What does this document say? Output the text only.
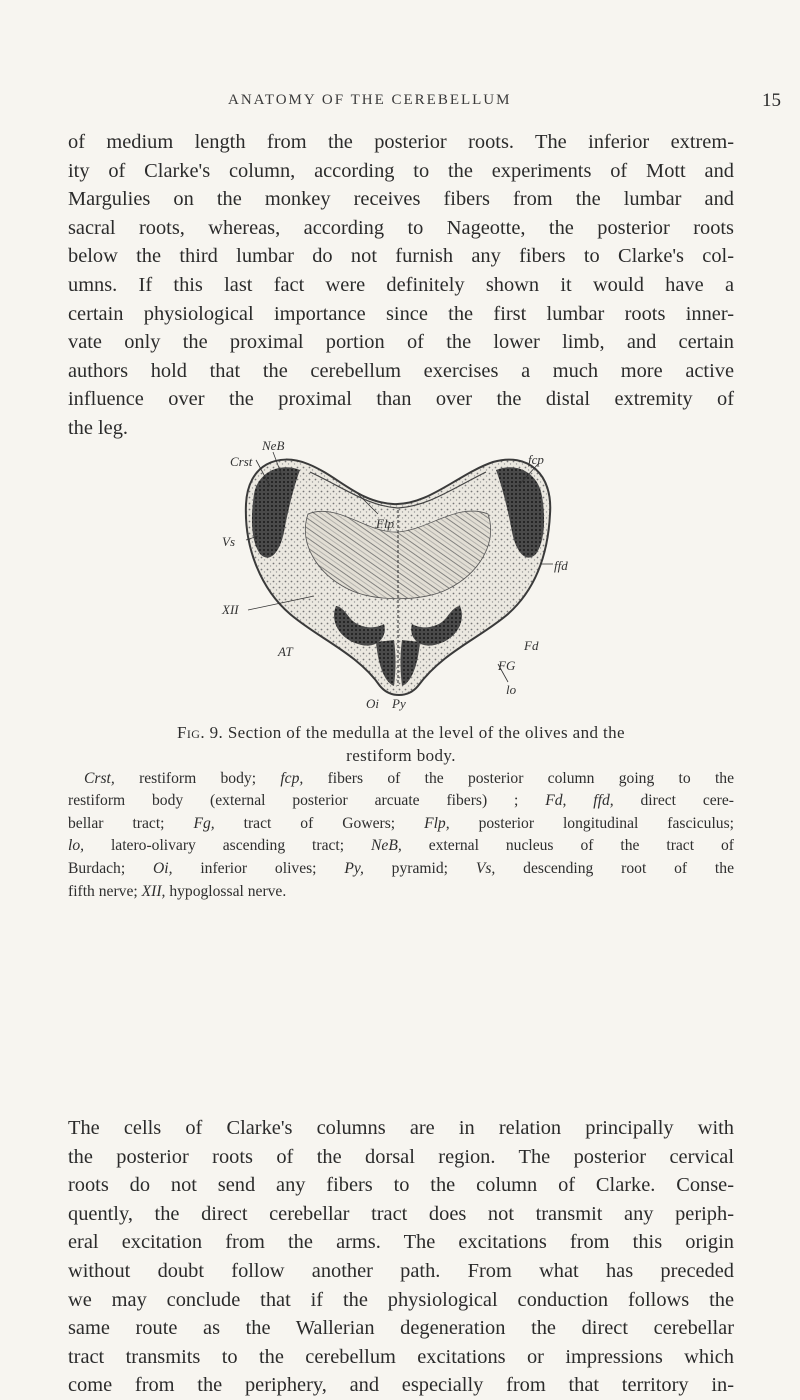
ANATOMY OF THE CEREBELLUM	15
of medium length from the posterior roots. The inferior extrem-
ity of Clarke's column, according to the experiments of Mott and
Margulies on the monkey receives fibers from the lumbar and
sacral roots, whereas, according to Nageotte, the posterior roots
below the third lumbar do not furnish any fibers to Clarke's col-
umns. If this last fact were definitely shown it would have a
certain physiological importance since the first lumbar roots inner-
vate only the proximal portion of the lower limb, and certain
authors hold that the cerebellum exercises a much more active
influence over the proximal than over the distal extremity of
the leg.
Crst
NeB
Flp
fcp
Vs
ffd
XII
Fd
FG
AT
lo
Oi Py
Fig. 9. Section of the medulla at the level of the olives and the
restiform body.
Crst, restiform body; fcp, fibers of the posterior column going to the
restiform body (external posterior arcuate fibers) ; Fd, ffd, direct cere-
bellar tract; Fg, tract of Gowers; Flp, posterior longitudinal fasciculus;
lo, latero-olivary ascending tract; NeB, external nucleus of the tract of
Burdach; Oi, inferior olives; Py, pyramid; Vs, descending root of the
fifth nerve; XII, hypoglossal nerve.
The cells of Clarke's columns are in relation principally with
the posterior roots of the dorsal region. The posterior cervical
roots do not send any fibers to the column of Clarke. Conse-
quently, the direct cerebellar tract does not transmit any periph-
eral excitation from the arms. The excitations from this origin
without doubt follow another path. From what has preceded
we may conclude that if the physiological conduction follows the
same route as the Wallerian degeneration the direct cerebellar
tract transmits to the cerebellum excitations or impressions which
come from the periphery, and especially from that territory in-
